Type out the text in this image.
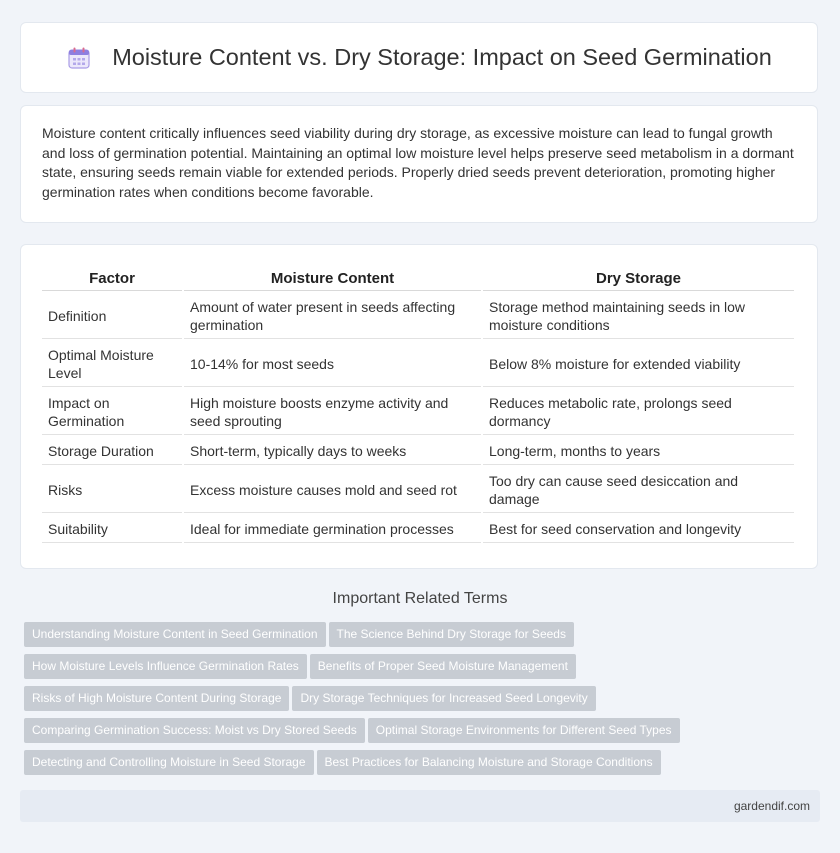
Moisture Content vs. Dry Storage: Impact on Seed Germination

Moisture content critically influences seed viability during dry storage, as excessive moisture can lead to fungal growth and loss of germination potential. Maintaining an optimal low moisture level helps preserve seed metabolism in a dormant state, ensuring seeds remain viable for extended periods. Properly dried seeds prevent deterioration, promoting higher germination rates when conditions become favorable.

Factor	Moisture Content	Dry Storage
Definition	Amount of water present in seeds affecting germination	Storage method maintaining seeds in low moisture conditions
Optimal Moisture Level	10-14% for most seeds	Below 8% moisture for extended viability
Impact on Germination	High moisture boosts enzyme activity and seed sprouting	Reduces metabolic rate, prolongs seed dormancy
Storage Duration	Short-term, typically days to weeks	Long-term, months to years
Risks	Excess moisture causes mold and seed rot	Too dry can cause seed desiccation and damage
Suitability	Ideal for immediate germination processes	Best for seed conservation and longevity
Important Related Terms
Understanding Moisture Content in Seed Germination The Science Behind Dry Storage for Seeds
How Moisture Levels Influence Germination Rates Benefits of Proper Seed Moisture Management
Risks of High Moisture Content During Storage Dry Storage Techniques for Increased Seed Longevity
Comparing Germination Success: Moist vs Dry Stored Seeds Optimal Storage Environments for Different Seed Types
Detecting and Controlling Moisture in Seed Storage Best Practices for Balancing Moisture and Storage Conditions
gardendif.com
